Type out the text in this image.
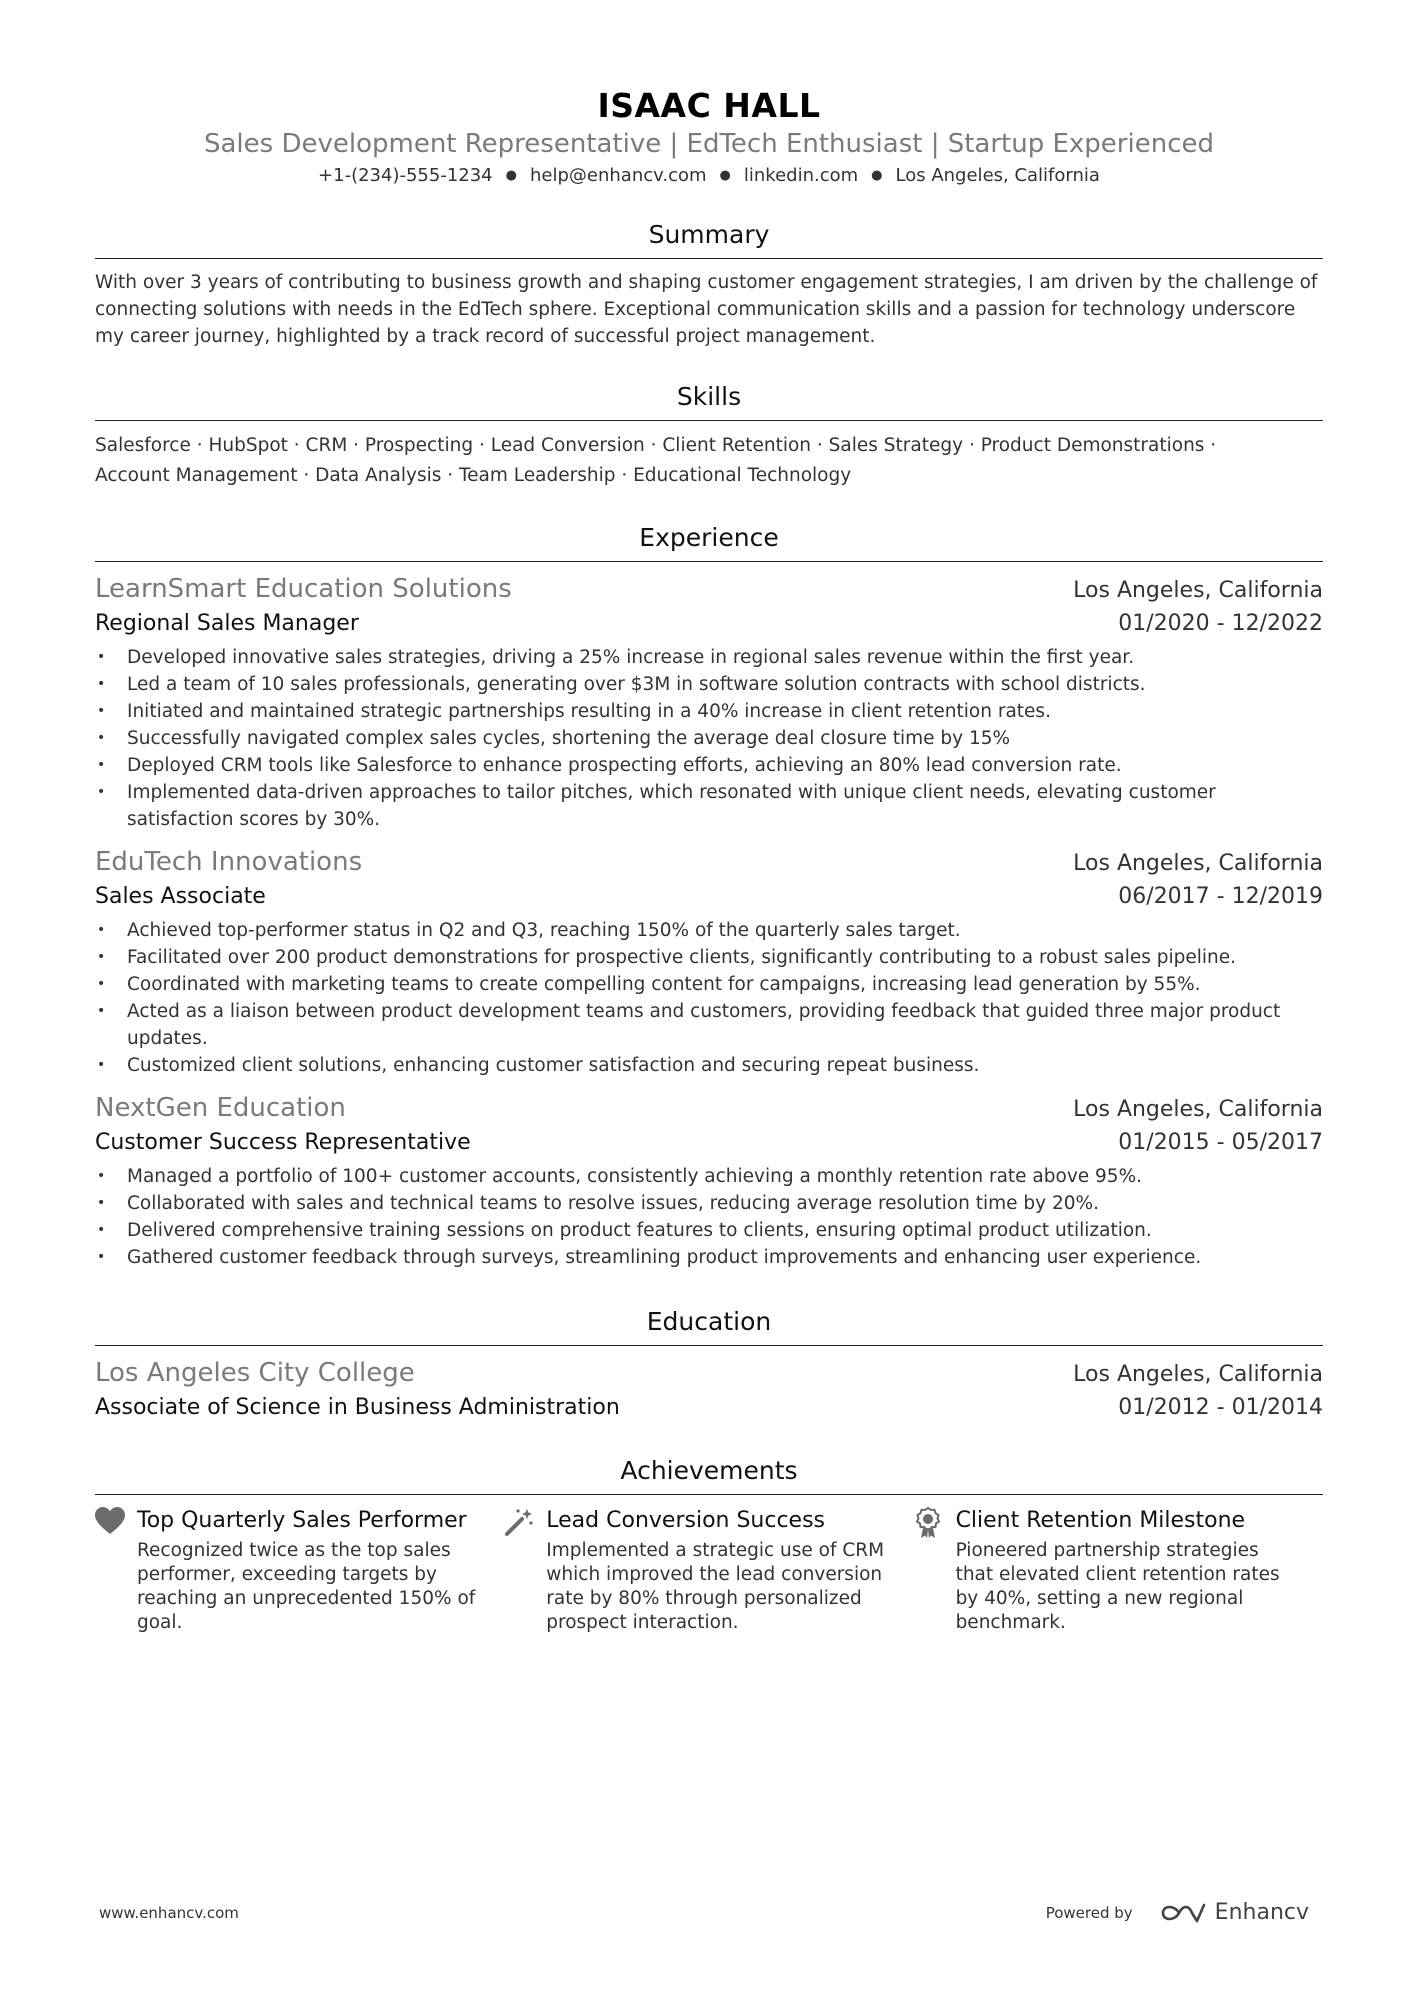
ISAAC HALL
Sales Development Representative | EdTech Enthusiast | Startup Experienced
+1-(234)-555-1234 ● help@enhancv.com ● linkedin.com ● Los Angeles, California
Summary
With over 3 years of contributing to business growth and shaping customer engagement strategies, I am driven by the challenge of connecting solutions with needs in the EdTech sphere. Exceptional communication skills and a passion for technology underscore my career journey, highlighted by a track record of successful project management.
Skills
Salesforce · HubSpot · CRM · Prospecting · Lead Conversion · Client Retention · Sales Strategy · Product Demonstrations ·
Account Management · Data Analysis · Team Leadership · Educational Technology
Experience
LearnSmart Education Solutions	Los Angeles, California
Regional Sales Manager	01/2020 - 12/2022
• Developed innovative sales strategies, driving a 25% increase in regional sales revenue within the first year.
• Led a team of 10 sales professionals, generating over $3M in software solution contracts with school districts.
• Initiated and maintained strategic partnerships resulting in a 40% increase in client retention rates.
• Successfully navigated complex sales cycles, shortening the average deal closure time by 15%
• Deployed CRM tools like Salesforce to enhance prospecting efforts, achieving an 80% lead conversion rate.
• Implemented data-driven approaches to tailor pitches, which resonated with unique client needs, elevating customer satisfaction scores by 30%.
EduTech Innovations	Los Angeles, California
Sales Associate	06/2017 - 12/2019
• Achieved top-performer status in Q2 and Q3, reaching 150% of the quarterly sales target.
• Facilitated over 200 product demonstrations for prospective clients, significantly contributing to a robust sales pipeline.
• Coordinated with marketing teams to create compelling content for campaigns, increasing lead generation by 55%.
• Acted as a liaison between product development teams and customers, providing feedback that guided three major product updates.
• Customized client solutions, enhancing customer satisfaction and securing repeat business.
NextGen Education	Los Angeles, California
Customer Success Representative	01/2015 - 05/2017
• Managed a portfolio of 100+ customer accounts, consistently achieving a monthly retention rate above 95%.
• Collaborated with sales and technical teams to resolve issues, reducing average resolution time by 20%.
• Delivered comprehensive training sessions on product features to clients, ensuring optimal product utilization.
• Gathered customer feedback through surveys, streamlining product improvements and enhancing user experience.
Education
Los Angeles City College	Los Angeles, California
Associate of Science in Business Administration	01/2012 - 01/2014
Achievements
Top Quarterly Sales Performer
Recognized twice as the top sales performer, exceeding targets by reaching an unprecedented 150% of goal.
Lead Conversion Success
Implemented a strategic use of CRM which improved the lead conversion rate by 80% through personalized prospect interaction.
Client Retention Milestone
Pioneered partnership strategies that elevated client retention rates by 40%, setting a new regional benchmark.
www.enhancv.com	Powered by	Enhancv
